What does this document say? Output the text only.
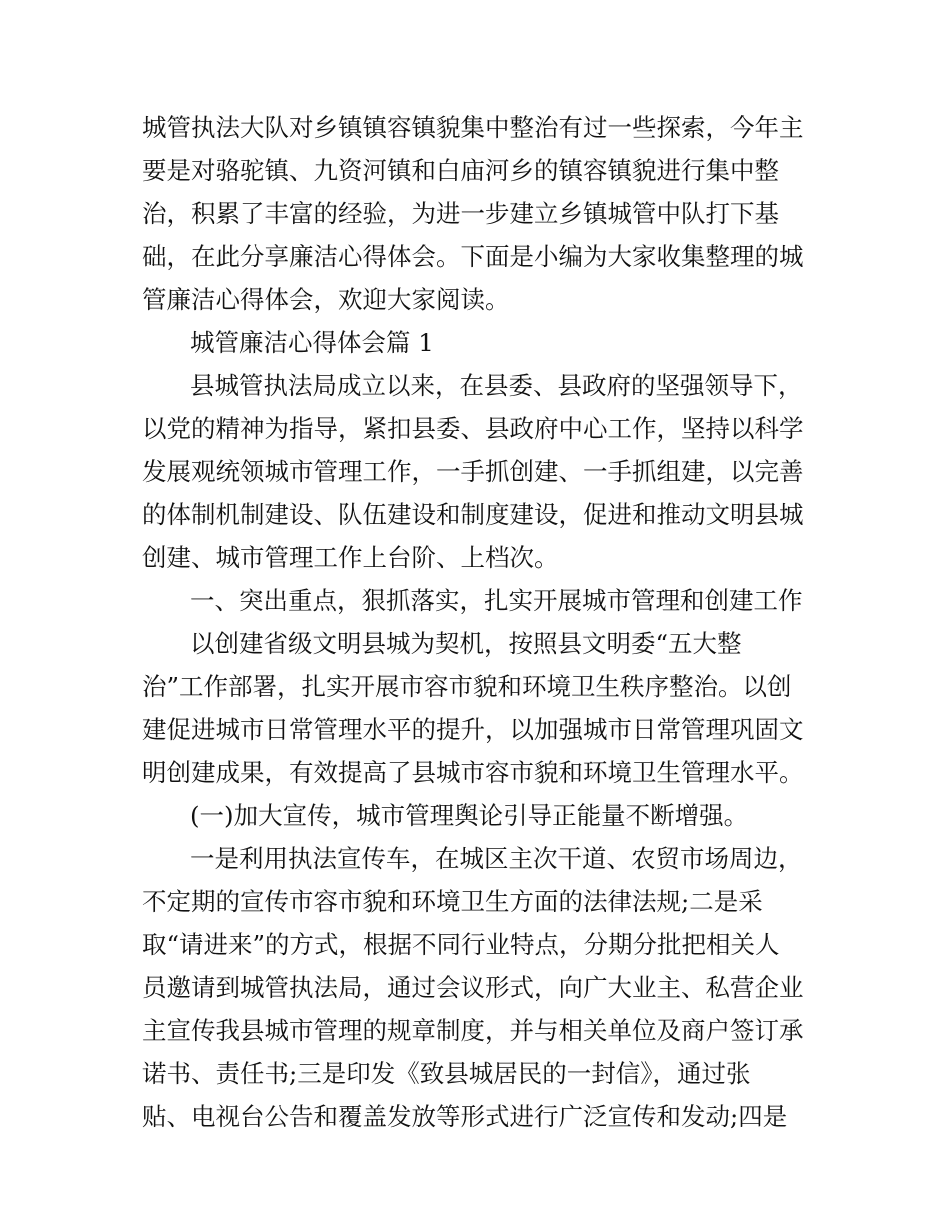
城管执法大队对乡镇镇容镇貌集中整治有过一些探索，今年主
要是对骆驼镇、九资河镇和白庙河乡的镇容镇貌进行集中整
治，积累了丰富的经验，为进一步建立乡镇城管中队打下基
础，在此分享廉洁心得体会。下面是小编为大家收集整理的城
管廉洁心得体会，欢迎大家阅读。
城管廉洁心得体会篇 1
县城管执法局成立以来，在县委、县政府的坚强领导下，
以党的精神为指导，紧扣县委、县政府中心工作，坚持以科学
发展观统领城市管理工作，一手抓创建、一手抓组建，以完善
的体制机制建设、队伍建设和制度建设，促进和推动文明县城
创建、城市管理工作上台阶、上档次。
一、突出重点，狠抓落实，扎实开展城市管理和创建工作
以创建省级文明县城为契机，按照县文明委“五大整
治”工作部署，扎实开展市容市貌和环境卫生秩序整治。以创
建促进城市日常管理水平的提升，以加强城市日常管理巩固文
明创建成果，有效提高了县城市容市貌和环境卫生管理水平。
(一)加大宣传，城市管理舆论引导正能量不断增强。
一是利用执法宣传车，在城区主次干道、农贸市场周边，
不定期的宣传市容市貌和环境卫生方面的法律法规;二是采
取“请进来”的方式，根据不同行业特点，分期分批把相关人
员邀请到城管执法局，通过会议形式，向广大业主、私营企业
主宣传我县城市管理的规章制度，并与相关单位及商户签订承
诺书、责任书;三是印发《致县城居民的一封信》，通过张
贴、电视台公告和覆盖发放等形式进行广泛宣传和发动;四是
